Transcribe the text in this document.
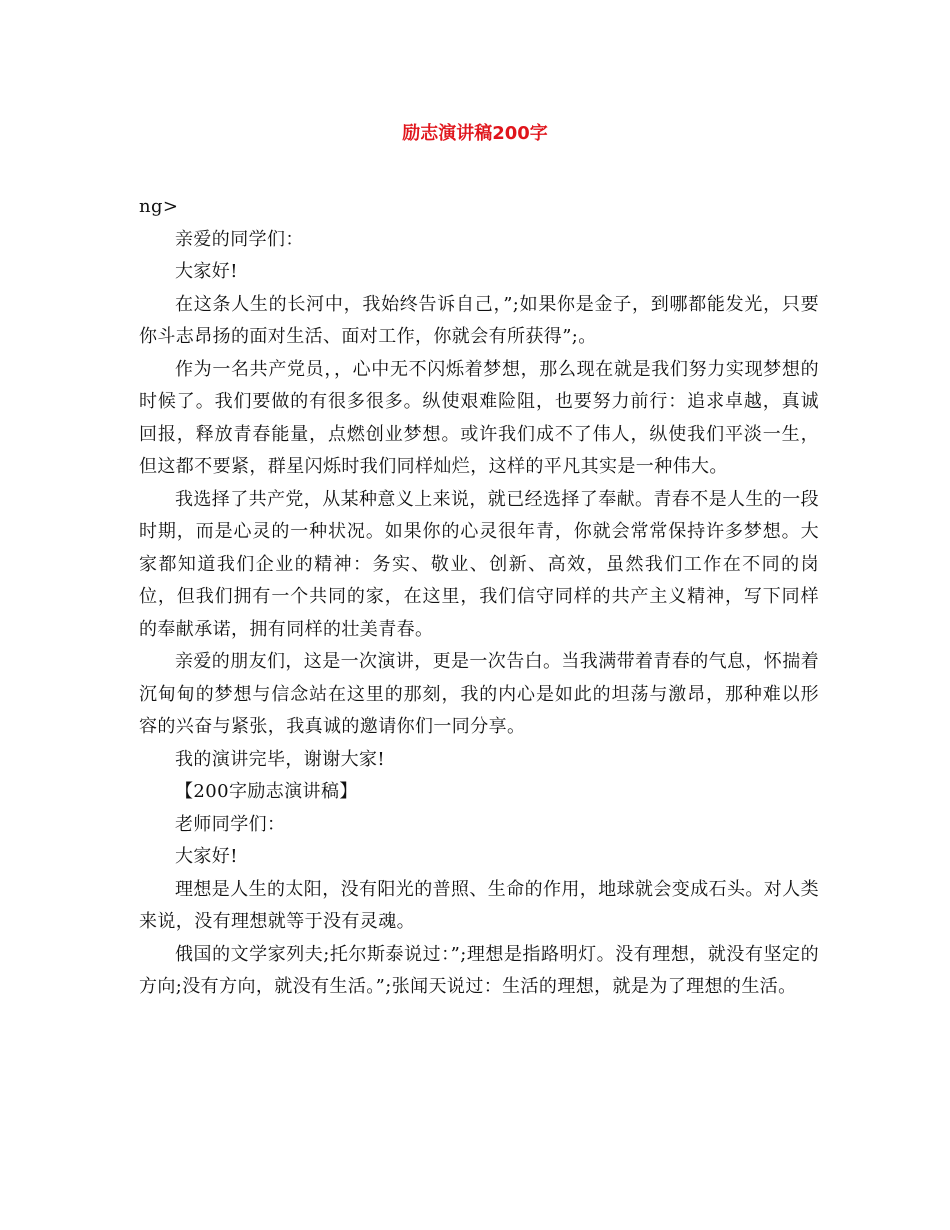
励志演讲稿200字

ng>

亲爱的同学们：

大家好!

在这条人生的长河中，我始终告诉自己，”;如果你是金子，到哪都能发光，只要你斗志昂扬的面对生活、面对工作，你就会有所获得”;。

作为一名共产党员，，心中无不闪烁着梦想，那么现在就是我们努力实现梦想的时候了。我们要做的有很多很多。纵使艰难险阻，也要努力前行：追求卓越，真诚回报，释放青春能量，点燃创业梦想。或许我们成不了伟人，纵使我们平淡一生，但这都不要紧，群星闪烁时我们同样灿烂，这样的平凡其实是一种伟大。

我选择了共产党，从某种意义上来说，就已经选择了奉献。青春不是人生的一段时期，而是心灵的一种状况。如果你的心灵很年青，你就会常常保持许多梦想。大家都知道我们企业的精神：务实、敬业、创新、高效，虽然我们工作在不同的岗位，但我们拥有一个共同的家，在这里，我们信守同样的共产主义精神，写下同样的奉献承诺，拥有同样的壮美青春。

亲爱的朋友们，这是一次演讲，更是一次告白。当我满带着青春的气息，怀揣着沉甸甸的梦想与信念站在这里的那刻，我的内心是如此的坦荡与激昂，那种难以形容的兴奋与紧张，我真诚的邀请你们一同分享。

我的演讲完毕，谢谢大家!

【200字励志演讲稿】

老师同学们：

大家好!

理想是人生的太阳，没有阳光的普照、生命的作用，地球就会变成石头。对人类来说，没有理想就等于没有灵魂。

俄国的文学家列夫;托尔斯泰说过：”;理想是指路明灯。没有理想，就没有坚定的方向;没有方向，就没有生活。”;张闻天说过：生活的理想，就是为了理想的生活。
